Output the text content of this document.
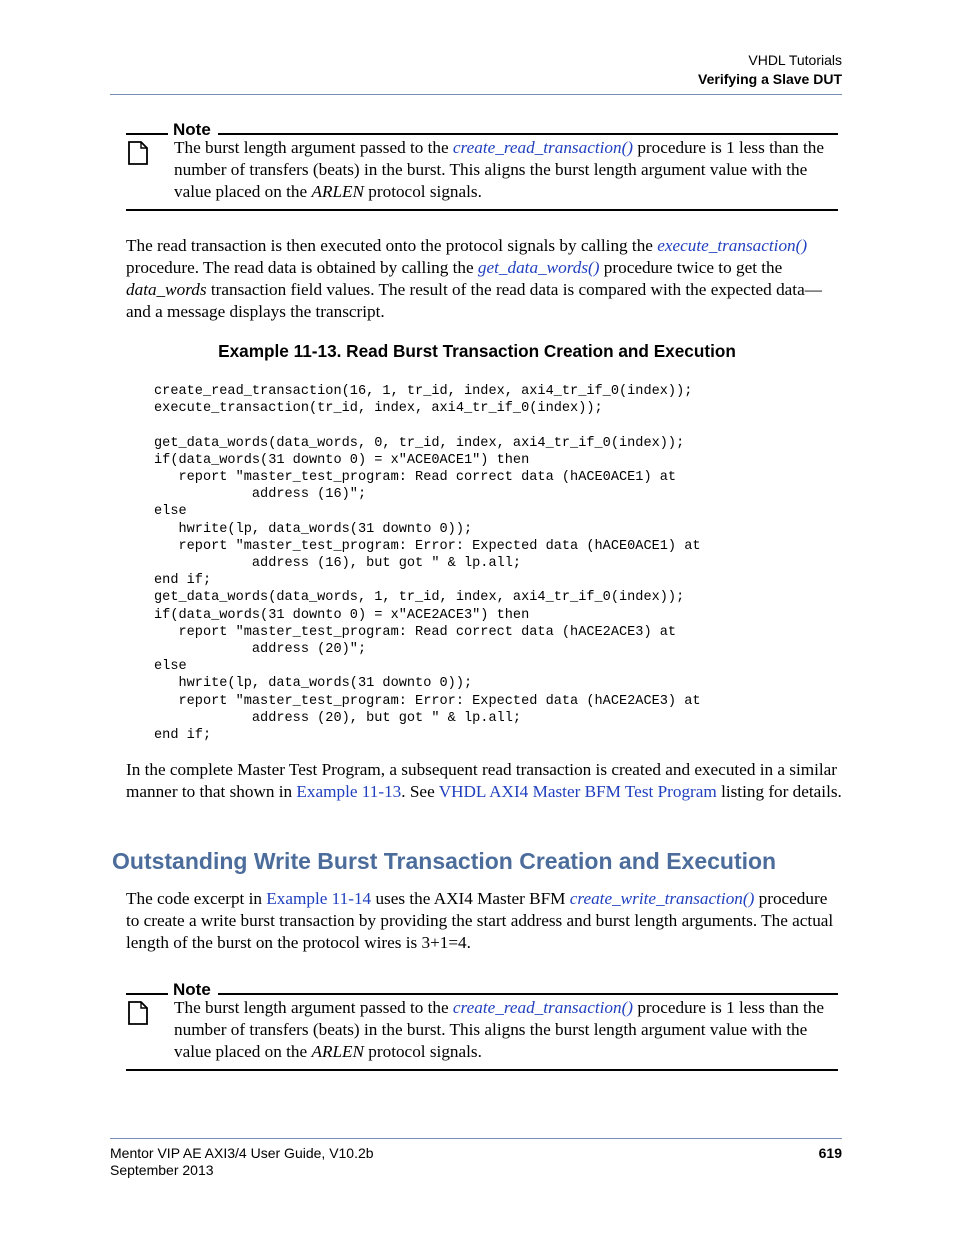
VHDL Tutorials
Verifying a Slave DUT
Note
The burst length argument passed to the create_read_transaction() procedure is 1 less than the number of transfers (beats) in the burst. This aligns the burst length argument value with the value placed on the ARLEN protocol signals.
The read transaction is then executed onto the protocol signals by calling the execute_transaction() procedure. The read data is obtained by calling the get_data_words() procedure twice to get the data_words transaction field values. The result of the read data is compared with the expected data—and a message displays the transcript.
Example 11-13. Read Burst Transaction Creation and Execution
create_read_transaction(16, 1, tr_id, index, axi4_tr_if_0(index));
execute_transaction(tr_id, index, axi4_tr_if_0(index));

get_data_words(data_words, 0, tr_id, index, axi4_tr_if_0(index));
if(data_words(31 downto 0) = x"ACE0ACE1") then
report "master_test_program: Read correct data (hACE0ACE1) at
address (16)";
else
hwrite(lp, data_words(31 downto 0));
report "master_test_program: Error: Expected data (hACE0ACE1) at
address (16), but got " & lp.all;
end if;
get_data_words(data_words, 1, tr_id, index, axi4_tr_if_0(index));
if(data_words(31 downto 0) = x"ACE2ACE3") then
report "master_test_program: Read correct data (hACE2ACE3) at
address (20)";
else
hwrite(lp, data_words(31 downto 0));
report "master_test_program: Error: Expected data (hACE2ACE3) at
address (20), but got " & lp.all;
end if;
In the complete Master Test Program, a subsequent read transaction is created and executed in a similar manner to that shown in Example 11-13. See VHDL AXI4 Master BFM Test Program listing for details.
Outstanding Write Burst Transaction Creation and Execution
The code excerpt in Example 11-14 uses the AXI4 Master BFM create_write_transaction() procedure to create a write burst transaction by providing the start address and burst length arguments. The actual length of the burst on the protocol wires is 3+1=4.
Note
The burst length argument passed to the create_read_transaction() procedure is 1 less than the number of transfers (beats) in the burst. This aligns the burst length argument value with the value placed on the ARLEN protocol signals.
Mentor VIP AE AXI3/4 User Guide, V10.2b
September 2013
619
